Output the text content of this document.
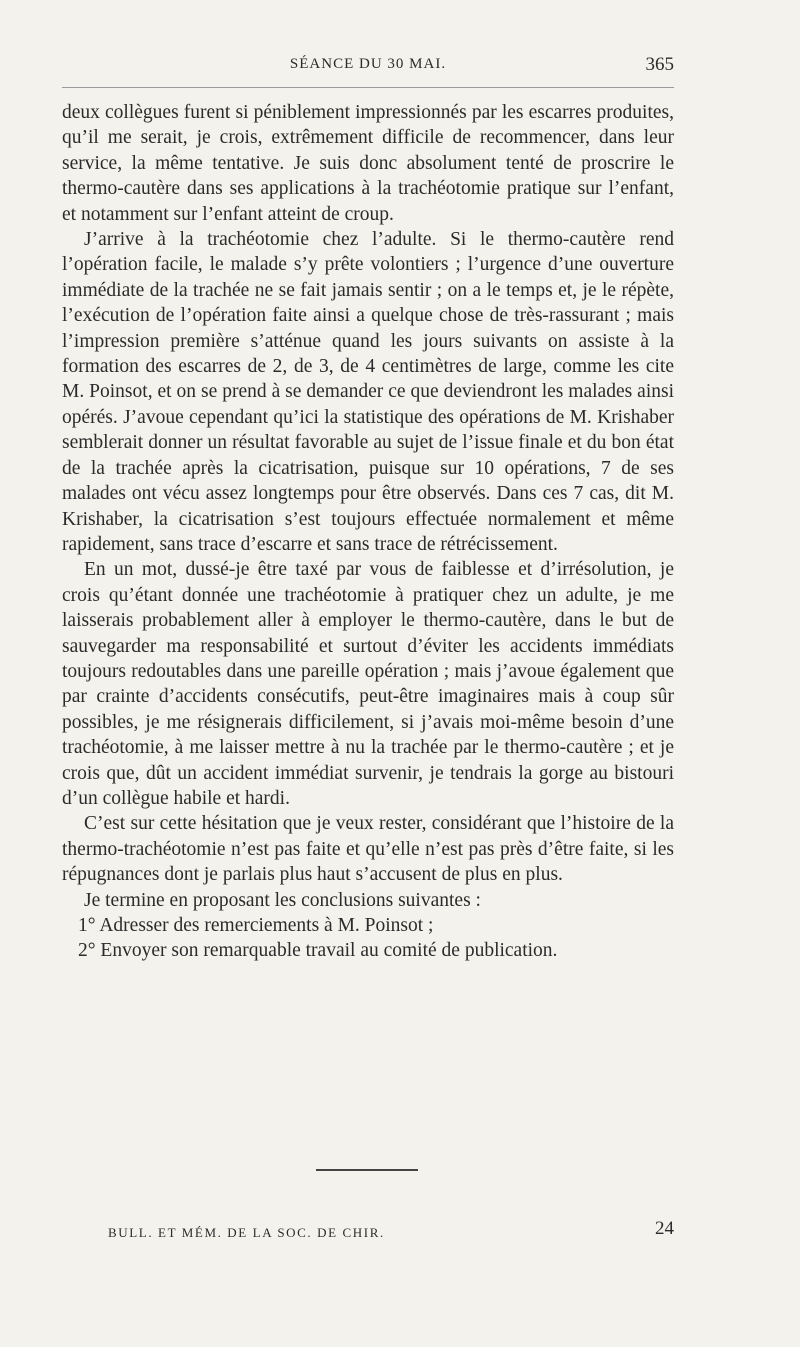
SÉANCE DU 30 MAI.	365

deux collègues furent si péniblement impressionnés par les escarres produites, qu’il me serait, je crois, extrêmement difficile de recommencer, dans leur service, la même tentative. Je suis donc absolument tenté de proscrire le thermo-cautère dans ses applications à la trachéotomie pratique sur l’enfant, et notamment sur l’enfant atteint de croup.

J’arrive à la trachéotomie chez l’adulte. Si le thermo-cautère rend l’opération facile, le malade s’y prête volontiers ; l’urgence d’une ouverture immédiate de la trachée ne se fait jamais sentir ; on a le temps et, je le répète, l’exécution de l’opération faite ainsi a quelque chose de très-rassurant ; mais l’impression première s’atténue quand les jours suivants on assiste à la formation des escarres de 2, de 3, de 4 centimètres de large, comme les cite M. Poinsot, et on se prend à se demander ce que deviendront les malades ainsi opérés. J’avoue cependant qu’ici la statistique des opérations de M. Krishaber semblerait donner un résultat favorable au sujet de l’issue finale et du bon état de la trachée après la cicatrisation, puisque sur 10 opérations, 7 de ses malades ont vécu assez longtemps pour être observés. Dans ces 7 cas, dit M. Krishaber, la cicatrisation s’est toujours effectuée normalement et même rapidement, sans trace d’escarre et sans trace de rétrécissement.

En un mot, dussé-je être taxé par vous de faiblesse et d’irrésolution, je crois qu’étant donnée une trachéotomie à pratiquer chez un adulte, je me laisserais probablement aller à employer le thermo-cautère, dans le but de sauvegarder ma responsabilité et surtout d’éviter les accidents immédiats toujours redoutables dans une pareille opération ; mais j’avoue également que par crainte d’accidents consécutifs, peut-être imaginaires mais à coup sûr possibles, je me résignerais difficilement, si j’avais moi-même besoin d’une trachéotomie, à me laisser mettre à nu la trachée par le thermo-cautère ; et je crois que, dût un accident immédiat survenir, je tendrais la gorge au bistouri d’un collègue habile et hardi.

C’est sur cette hésitation que je veux rester, considérant que l’histoire de la thermo-trachéotomie n’est pas faite et qu’elle n’est pas près d’être faite, si les répugnances dont je parlais plus haut s’accusent de plus en plus.

Je termine en proposant les conclusions suivantes :

1° Adresser des remerciements à M. Poinsot ;

2° Envoyer son remarquable travail au comité de publication.

BULL. ET MÉM. DE LA SOC. DE CHIR.	24
